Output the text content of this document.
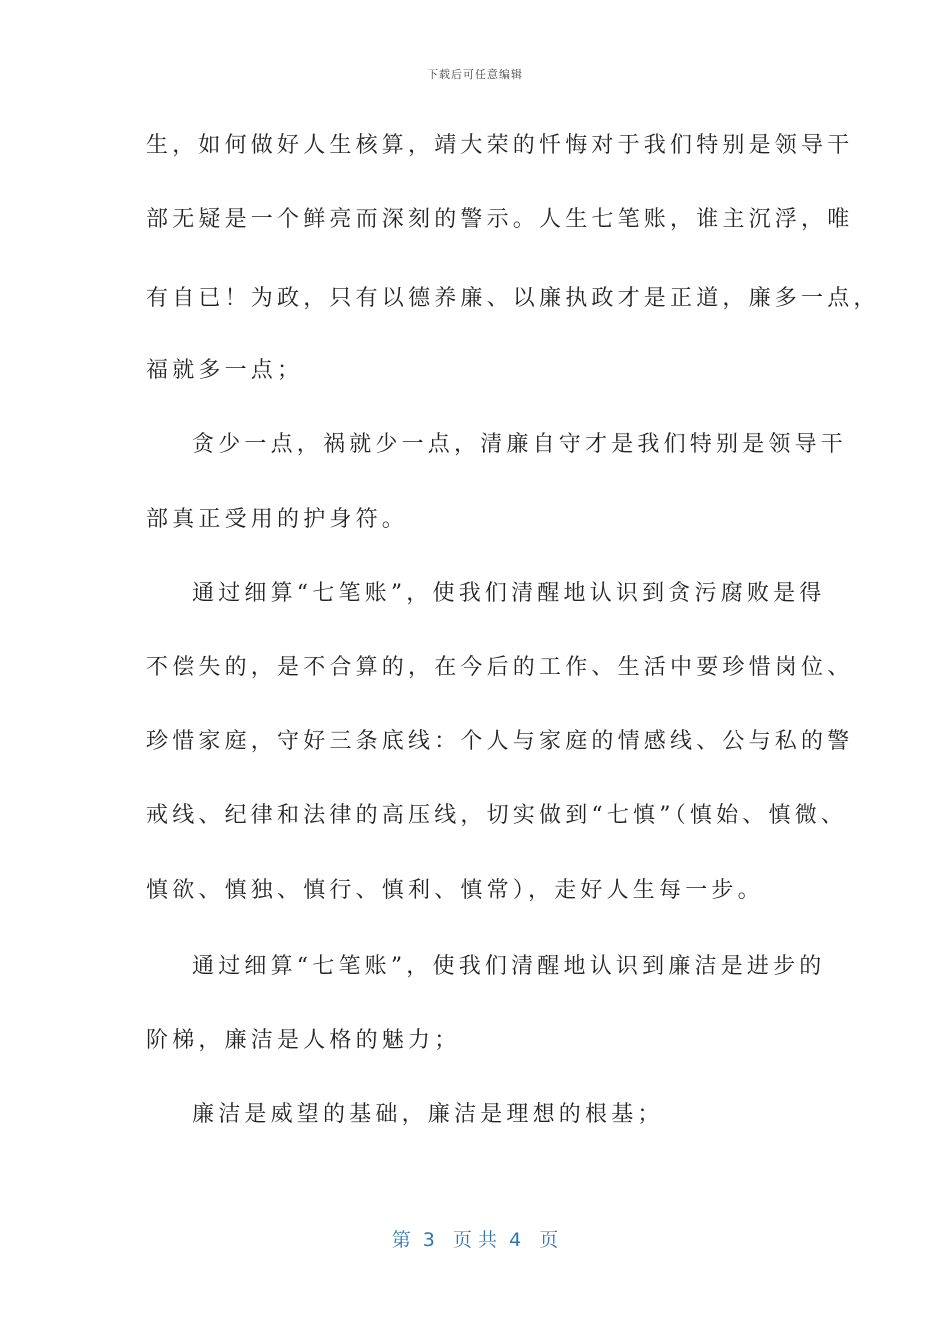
下载后可任意编辑
生，如何做好人生核算，靖大荣的忏悔对于我们特别是领导干
部无疑是一个鲜亮而深刻的警示。人生七笔账，谁主沉浮，唯
有自已！为政，只有以德养廉、以廉执政才是正道，廉多一点，
福就多一点；
贪少一点，祸就少一点，清廉自守才是我们特别是领导干
部真正受用的护身符。
通过细算“七笔账”，使我们清醒地认识到贪污腐败是得
不偿失的，是不合算的，在今后的工作、生活中要珍惜岗位、
珍惜家庭，守好三条底线：个人与家庭的情感线、公与私的警
戒线、纪律和法律的高压线，切实做到“七慎”（慎始、慎微、
慎欲、慎独、慎行、慎利、慎常），走好人生每一步。
通过细算“七笔账”，使我们清醒地认识到廉洁是进步的
阶梯，廉洁是人格的魅力；
廉洁是威望的基础，廉洁是理想的根基；
第  3   页 共  4   页
